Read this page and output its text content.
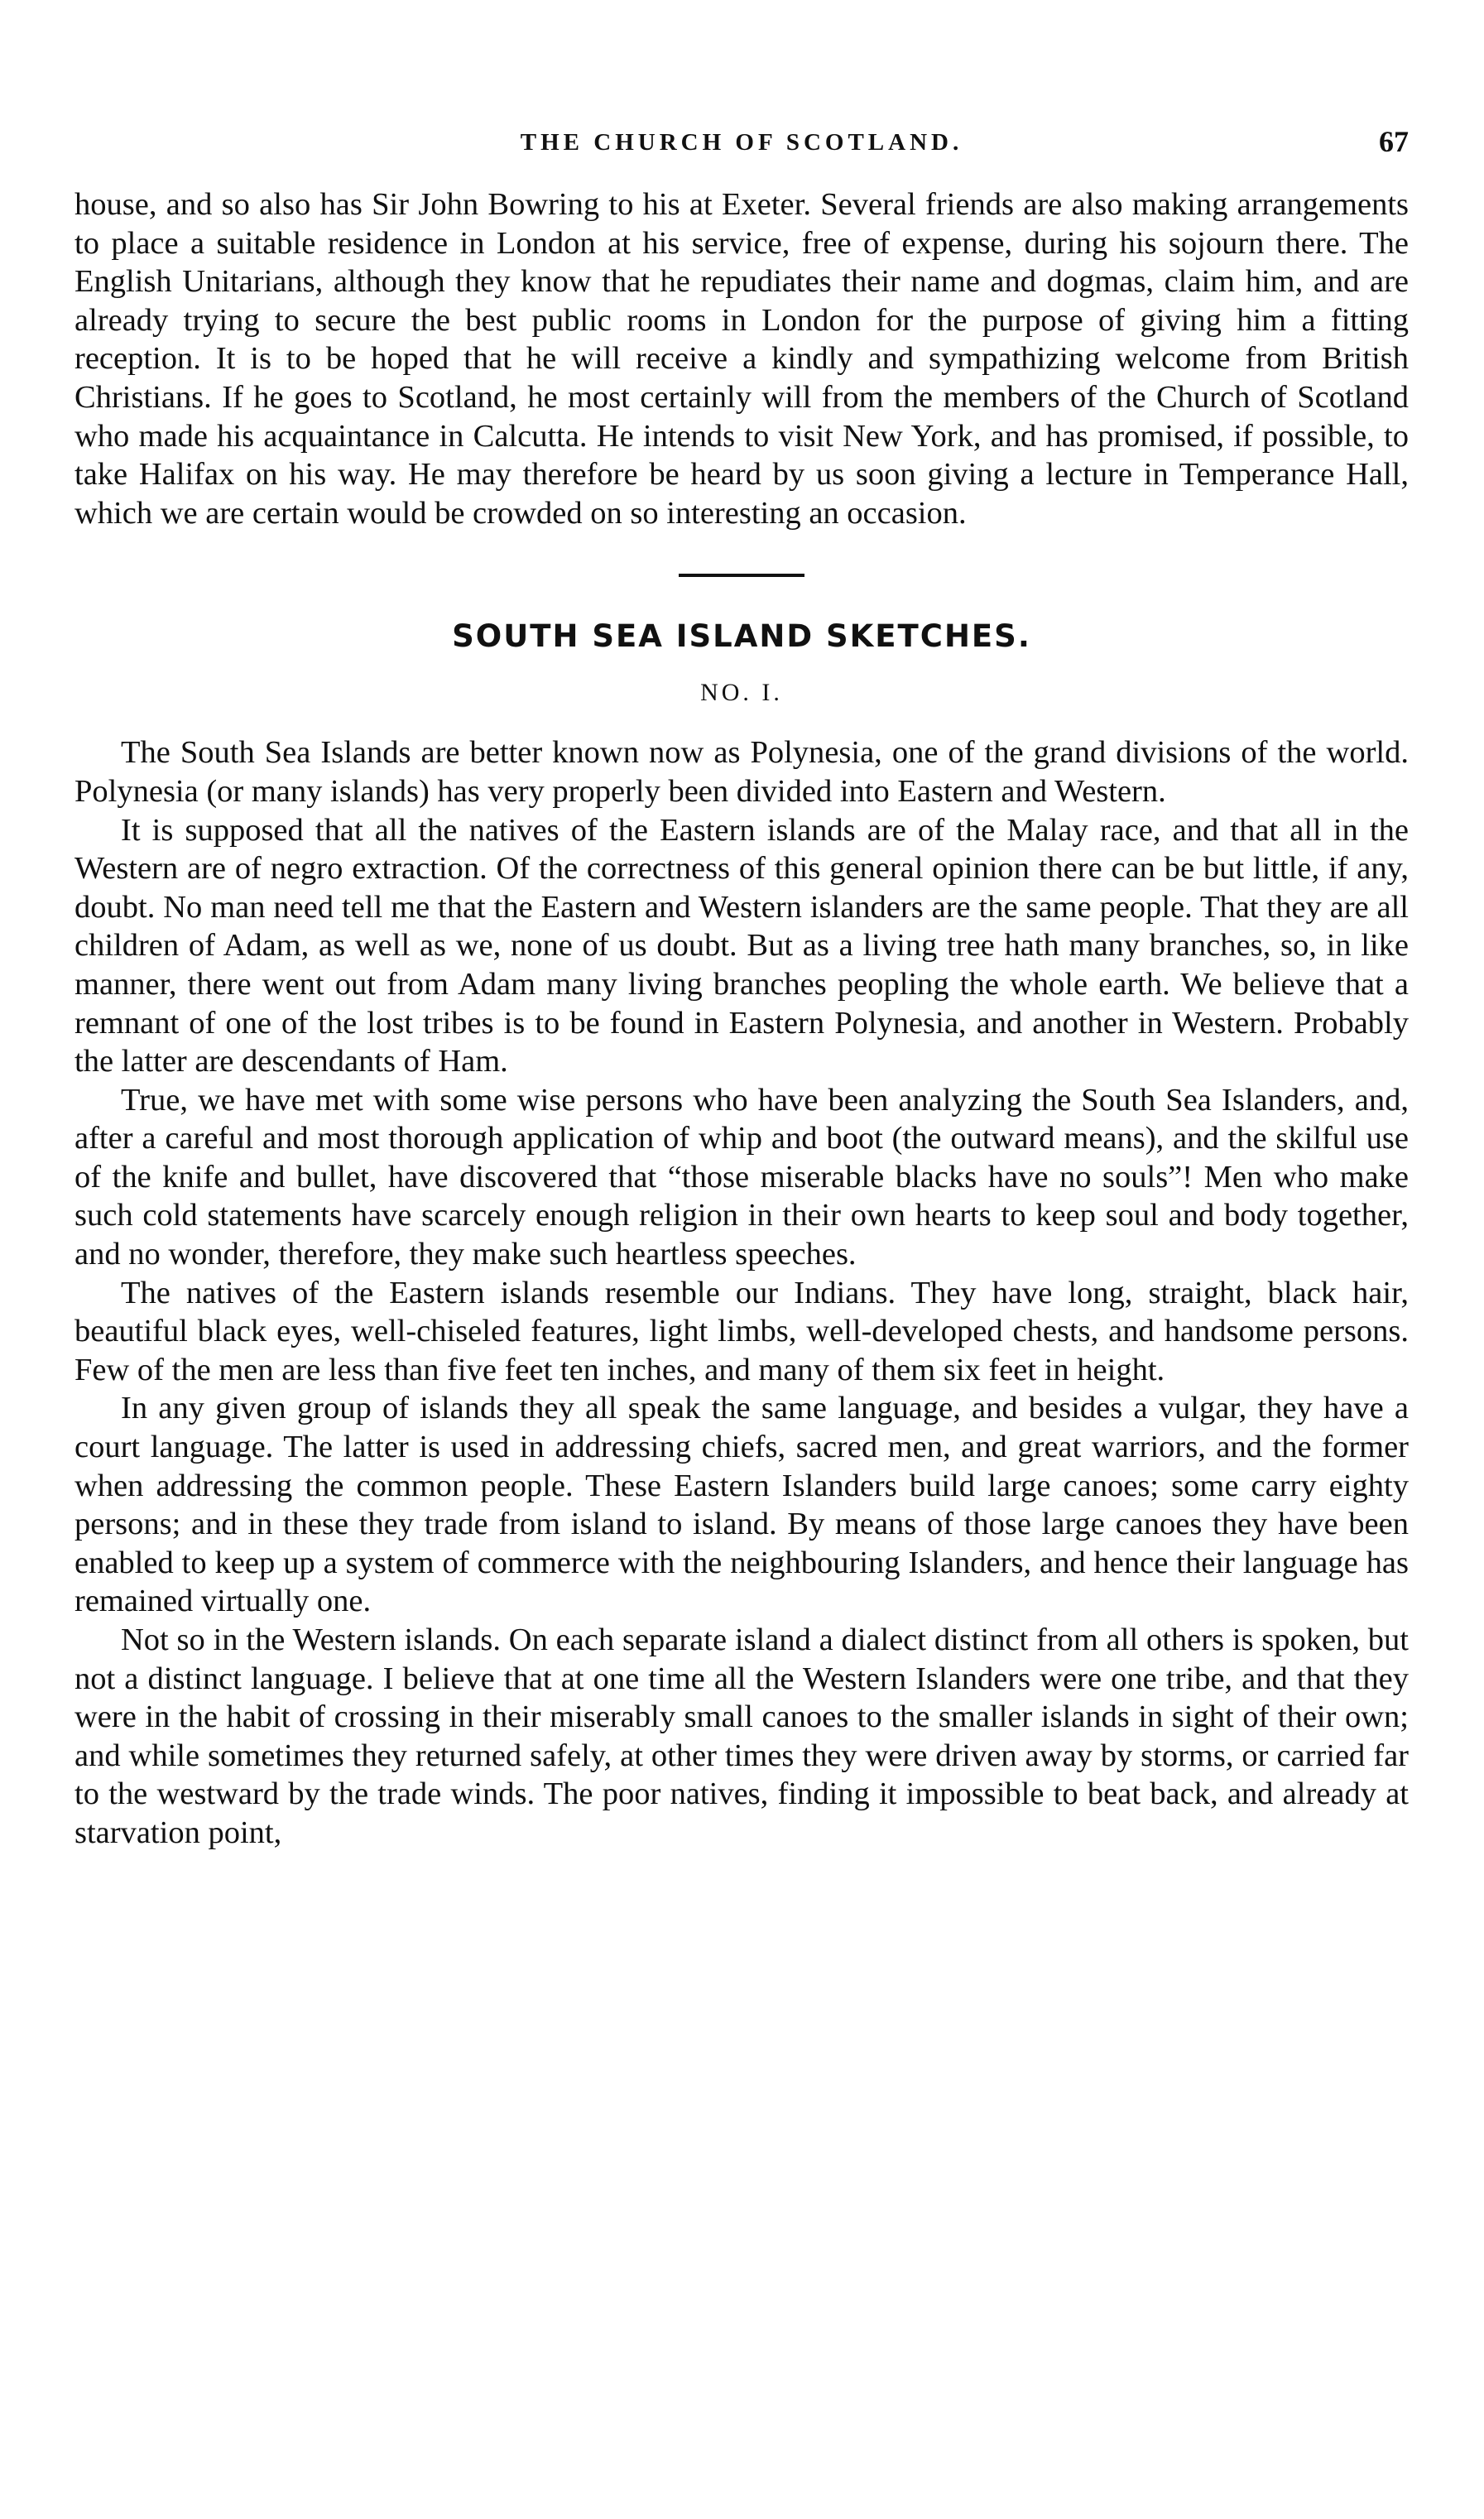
THE CHURCH OF SCOTLAND.	67

house, and so also has Sir John Bowring to his at Exeter. Several friends are also making arrangements to place a suitable residence in London at his service, free of expense, during his sojourn there. The English Unitarians, although they know that he repudiates their name and dogmas, claim him, and are already trying to secure the best public rooms in London for the purpose of giving him a fitting reception. It is to be hoped that he will receive a kindly and sympathizing welcome from British Christians. If he goes to Scotland, he most certainly will from the members of the Church of Scotland who made his acquaintance in Calcutta. He intends to visit New York, and has promised, if possible, to take Halifax on his way. He may therefore be heard by us soon giving a lecture in Temperance Hall, which we are certain would be crowded on so interesting an occasion.

SOUTH SEA ISLAND SKETCHES.
NO. I.

The South Sea Islands are better known now as Polynesia, one of the grand divisions of the world. Polynesia (or many islands) has very properly been divided into Eastern and Western.

It is supposed that all the natives of the Eastern islands are of the Malay race, and that all in the Western are of negro extraction. Of the correctness of this general opinion there can be but little, if any, doubt. No man need tell me that the Eastern and Western islanders are the same people. That they are all children of Adam, as well as we, none of us doubt. But as a living tree hath many branches, so, in like manner, there went out from Adam many living branches peopling the whole earth. We believe that a remnant of one of the lost tribes is to be found in Eastern Polynesia, and another in Western. Probably the latter are descendants of Ham.

True, we have met with some wise persons who have been analyzing the South Sea Islanders, and, after a careful and most thorough application of whip and boot (the outward means), and the skilful use of the knife and bullet, have discovered that “those miserable blacks have no souls”! Men who make such cold statements have scarcely enough religion in their own hearts to keep soul and body together, and no wonder, therefore, they make such heartless speeches.

The natives of the Eastern islands resemble our Indians. They have long, straight, black hair, beautiful black eyes, well-chiseled features, light limbs, well-developed chests, and handsome persons. Few of the men are less than five feet ten inches, and many of them six feet in height.

In any given group of islands they all speak the same language, and besides a vulgar, they have a court language. The latter is used in addressing chiefs, sacred men, and great warriors, and the former when addressing the common people. These Eastern Islanders build large canoes; some carry eighty persons; and in these they trade from island to island. By means of those large canoes they have been enabled to keep up a system of commerce with the neighbouring Islanders, and hence their language has remained virtually one.

Not so in the Western islands. On each separate island a dialect distinct from all others is spoken, but not a distinct language. I believe that at one time all the Western Islanders were one tribe, and that they were in the habit of crossing in their miserably small canoes to the smaller islands in sight of their own; and while sometimes they returned safely, at other times they were driven away by storms, or carried far to the westward by the trade winds. The poor natives, finding it impossible to beat back, and already at starvation point,
